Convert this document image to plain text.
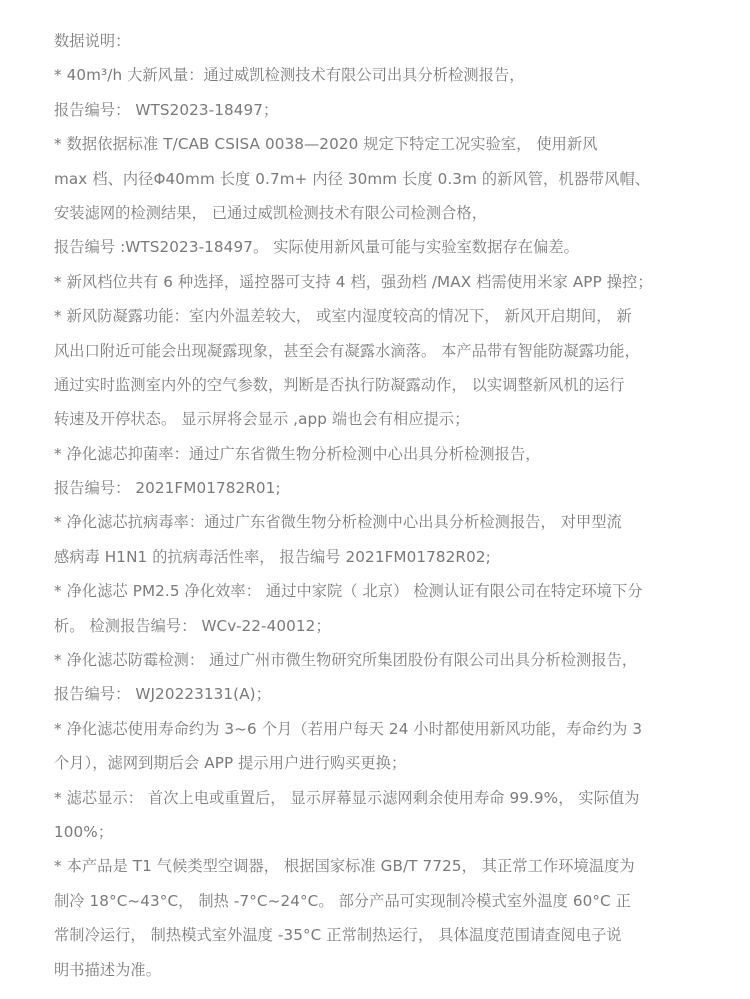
数据说明：
* 40m³/h 大新风量：通过威凯检测技术有限公司出具分析检测报告，
报告编号： WTS2023-18497；
* 数据依据标准 T/CAB CSISA 0038—2020 规定下特定工况实验室， 使用新风
max 档、内径Φ40mm 长度 0.7m+ 内径 30mm 长度 0.3m 的新风管，机器带风帽、
安装滤网的检测结果， 已通过威凯检测技术有限公司检测合格，
报告编号 :WTS2023-18497。 实际使用新风量可能与实验室数据存在偏差。
* 新风档位共有 6 种选择，遥控器可支持 4 档，强劲档 /MAX 档需使用米家 APP 操控；
* 新风防凝露功能：室内外温差较大， 或室内湿度较高的情况下， 新风开启期间， 新
风出口附近可能会出现凝露现象，甚至会有凝露水滴落。 本产品带有智能防凝露功能，
通过实时监测室内外的空气参数，判断是否执行防凝露动作， 以实调整新风机的运行
转速及开停状态。 显示屏将会显示 ,app 端也会有相应提示；
* 净化滤芯抑菌率：通过广东省微生物分析检测中心出具分析检测报告，
报告编号： 2021FM01782R01;
* 净化滤芯抗病毒率：通过广东省微生物分析检测中心出具分析检测报告， 对甲型流
感病毒 H1N1 的抗病毒活性率， 报告编号 2021FM01782R02;
* 净化滤芯 PM2.5 净化效率： 通过中家院（ 北京） 检测认证有限公司在特定环境下分
析。 检测报告编号： WCv-22-40012；
* 净化滤芯防霉检测： 通过广州市微生物研究所集团股份有限公司出具分析检测报告，
报告编号： WJ20223131(A)；
* 净化滤芯使用寿命约为 3~6 个月（若用户每天 24 小时都使用新风功能，寿命约为 3
个月），滤网到期后会 APP 提示用户进行购买更换；
* 滤芯显示： 首次上电或重置后， 显示屏幕显示滤网剩余使用寿命 99.9%， 实际值为
100%；
* 本产品是 T1 气候类型空调器， 根据国家标准 GB/T 7725， 其正常工作环境温度为
制冷 18°C~43°C， 制热 -7°C~24°C。 部分产品可实现制冷模式室外温度 60°C 正
常制冷运行， 制热模式室外温度 -35°C 正常制热运行， 具体温度范围请查阅电子说
明书描述为准。
